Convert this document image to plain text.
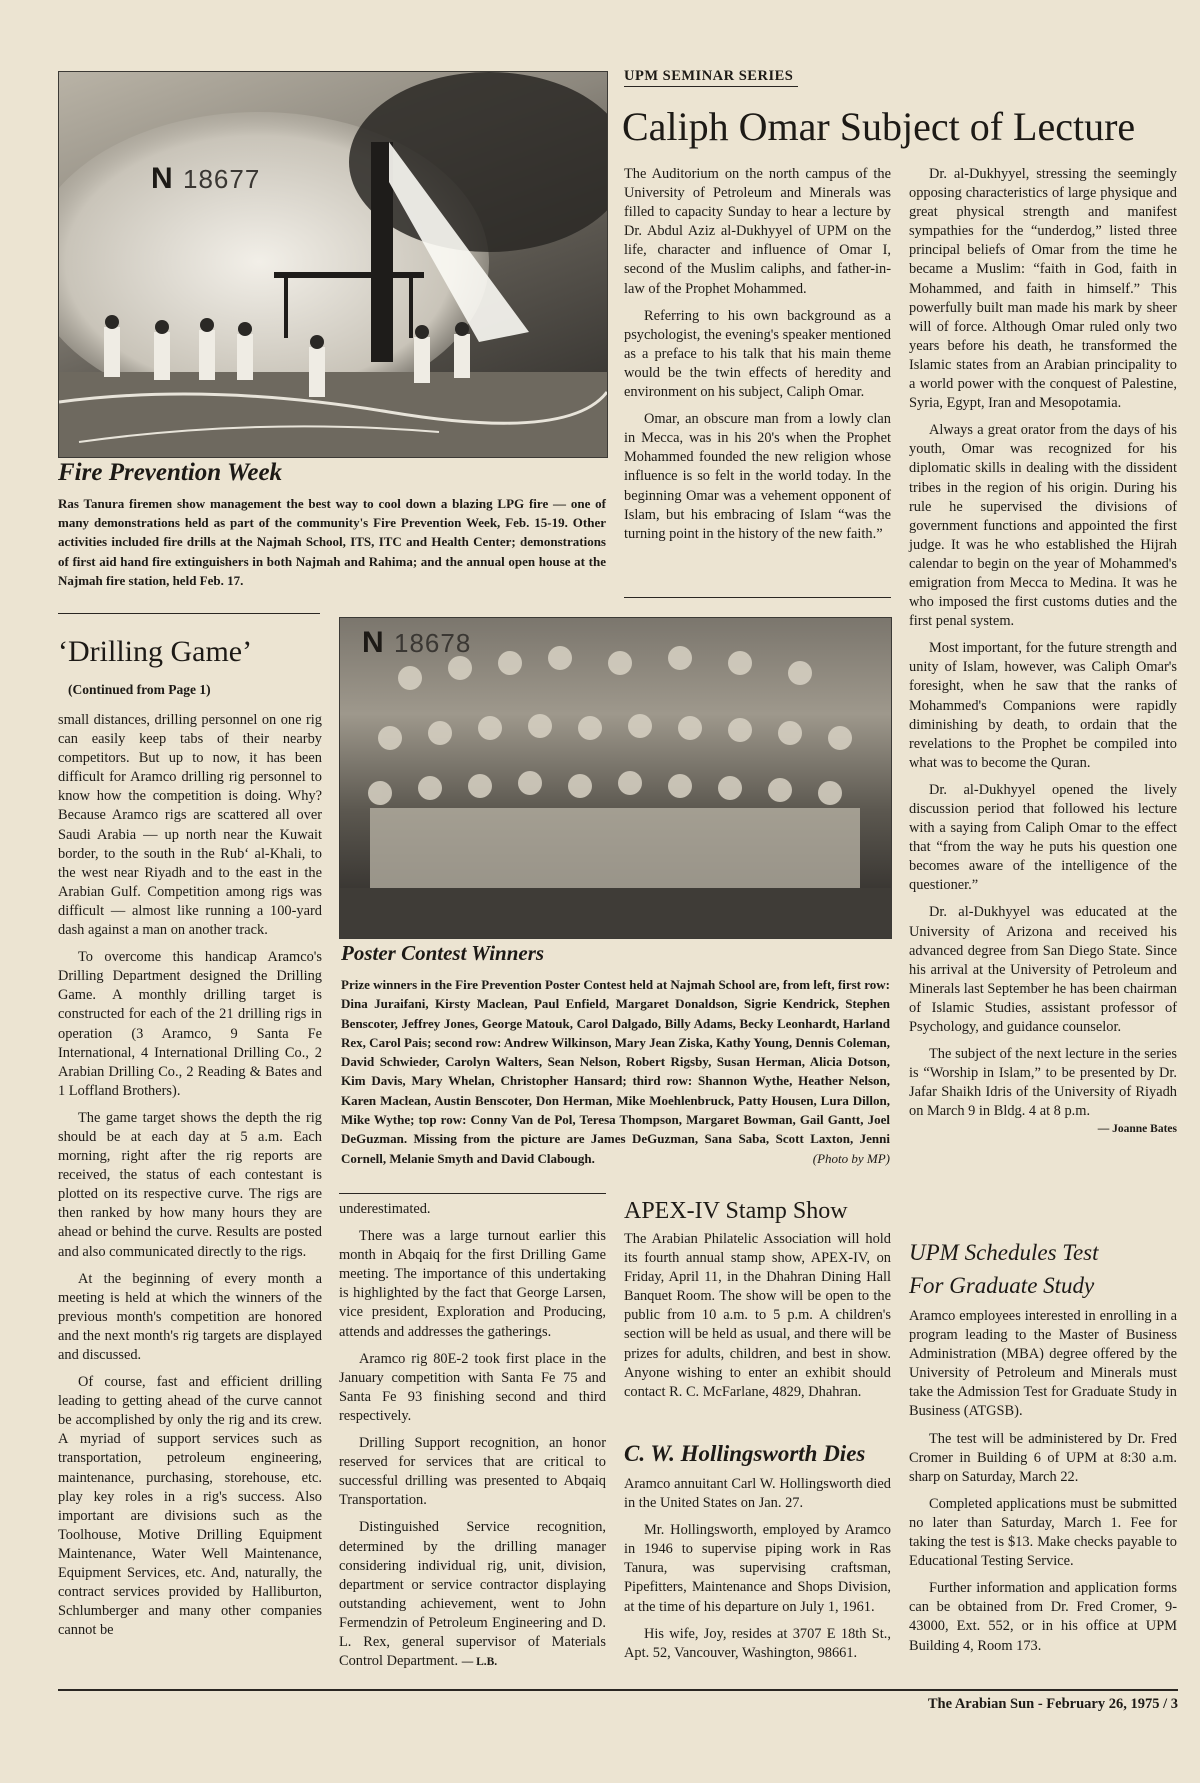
N 18677
Fire Prevention Week
Ras Tanura firemen show management the best way to cool down a blazing LPG fire — one of many demonstrations held as part of the community's Fire Prevention Week, Feb. 15-19. Other activities included fire drills at the Najmah School, ITS, ITC and Health Center; demonstrations of first aid hand fire extinguishers in both Najmah and Rahima; and the annual open house at the Najmah fire station, held Feb. 17.
UPM SEMINAR SERIES
Caliph Omar Subject of Lecture

The Auditorium on the north campus of the University of Petroleum and Minerals was filled to capacity Sunday to hear a lecture by Dr. Abdul Aziz al-Dukhyyel of UPM on the life, character and influence of Omar I, second of the Muslim caliphs, and father-in-law of the Prophet Mohammed.

Referring to his own background as a psychologist, the evening's speaker mentioned as a preface to his talk that his main theme would be the twin effects of heredity and environment on his subject, Caliph Omar.

Omar, an obscure man from a lowly clan in Mecca, was in his 20's when the Prophet Mohammed founded the new religion whose influence is so felt in the world today. In the beginning Omar was a vehement opponent of Islam, but his embracing of Islam “was the turning point in the history of the new faith.”

Dr. al-Dukhyyel, stressing the seemingly opposing characteristics of large physique and great physical strength and manifest sympathies for the “underdog,” listed three principal beliefs of Omar from the time he became a Muslim: “faith in God, faith in Mohammed, and faith in himself.” This powerfully built man made his mark by sheer will of force. Although Omar ruled only two years before his death, he transformed the Islamic states from an Arabian principality to a world power with the conquest of Palestine, Syria, Egypt, Iran and Mesopotamia.

Always a great orator from the days of his youth, Omar was recognized for his diplomatic skills in dealing with the dissident tribes in the region of his origin. During his rule he supervised the divisions of government functions and appointed the first judge. It was he who established the Hijrah calendar to begin on the year of Mohammed's emigration from Mecca to Medina. It was he who imposed the first customs duties and the first penal system.

Most important, for the future strength and unity of Islam, however, was Caliph Omar's foresight, when he saw that the ranks of Mohammed's Companions were rapidly diminishing by death, to ordain that the revelations to the Prophet be compiled into what was to become the Quran.

Dr. al-Dukhyyel opened the lively discussion period that followed his lecture with a saying from Caliph Omar to the effect that “from the way he puts his question one becomes aware of the intelligence of the questioner.”

Dr. al-Dukhyyel was educated at the University of Arizona and received his advanced degree from San Diego State. Since his arrival at the University of Petroleum and Minerals last September he has been chairman of Islamic Studies, assistant professor of Psychology, and guidance counselor.

The subject of the next lecture in the series is “Worship in Islam,” to be presented by Dr. Jafar Shaikh Idris of the University of Riyadh on March 9 in Bldg. 4 at 8 p.m.

— Joanne Bates
‘Drilling Game’
(Continued from Page 1)

small distances, drilling personnel on one rig can easily keep tabs of their nearby competitors. But up to now, it has been difficult for Aramco drilling rig personnel to know how the competition is doing. Why? Because Aramco rigs are scattered all over Saudi Arabia — up north near the Kuwait border, to the south in the Rub‘ al-Khali, to the west near Riyadh and to the east in the Arabian Gulf. Competition among rigs was difficult — almost like running a 100-yard dash against a man on another track.

To overcome this handicap Aramco's Drilling Department designed the Drilling Game. A monthly drilling target is constructed for each of the 21 drilling rigs in operation (3 Aramco, 9 Santa Fe International, 4 International Drilling Co., 2 Arabian Drilling Co., 2 Reading & Bates and 1 Loffland Brothers).

The game target shows the depth the rig should be at each day at 5 a.m. Each morning, right after the rig reports are received, the status of each contestant is plotted on its respective curve. The rigs are then ranked by how many hours they are ahead or behind the curve. Results are posted and also communicated directly to the rigs.

At the beginning of every month a meeting is held at which the winners of the previous month's competition are honored and the next month's rig targets are displayed and discussed.

Of course, fast and efficient drilling leading to getting ahead of the curve cannot be accomplished by only the rig and its crew. A myriad of support services such as transportation, petroleum engineering, maintenance, purchasing, storehouse, etc. play key roles in a rig's success. Also important are divisions such as the Toolhouse, Motive Drilling Equipment Maintenance, Water Well Maintenance, Equipment Services, etc. And, naturally, the contract services provided by Halliburton, Schlumberger and many other companies cannot be

N 18678
Poster Contest Winners
Prize winners in the Fire Prevention Poster Contest held at Najmah School are, from left, first row: Dina Juraifani, Kirsty Maclean, Paul Enfield, Margaret Donaldson, Sigrie Kendrick, Stephen Benscoter, Jeffrey Jones, George Matouk, Carol Dalgado, Billy Adams, Becky Leonhardt, Harland Rex, Carol Pais; second row: Andrew Wilkinson, Mary Jean Ziska, Kathy Young, Dennis Coleman, David Schwieder, Carolyn Walters, Sean Nelson, Robert Rigsby, Susan Herman, Alicia Dotson, Kim Davis, Mary Whelan, Christopher Hansard; third row: Shannon Wythe, Heather Nelson, Karen Maclean, Austin Benscoter, Don Herman, Mike Moehlenbruck, Patty Housen, Lura Dillon, Mike Wythe; top row: Conny Van de Pol, Teresa Thompson, Margaret Bowman, Gail Gantt, Joel DeGuzman. Missing from the picture are James DeGuzman, Sana Saba, Scott Laxton, Jenni Cornell, Melanie Smyth and David Clabough.	(Photo by MP)

underestimated.

There was a large turnout earlier this month in Abqaiq for the first Drilling Game meeting. The importance of this undertaking is highlighted by the fact that George Larsen, vice president, Exploration and Producing, attends and addresses the gatherings.

Aramco rig 80E-2 took first place in the January competition with Santa Fe 75 and Santa Fe 93 finishing second and third respectively.

Drilling Support recognition, an honor reserved for services that are critical to successful drilling was presented to Abqaiq Transportation.

Distinguished Service recognition, determined by the drilling manager considering individual rig, unit, division, department or service contractor displaying outstanding achievement, went to John Fermendzin of Petroleum Engineering and D. L. Rex, general supervisor of Materials Control Department. — L.B.

APEX-IV Stamp Show
The Arabian Philatelic Association will hold its fourth annual stamp show, APEX-IV, on Friday, April 11, in the Dhahran Dining Hall Banquet Room. The show will be open to the public from 10 a.m. to 5 p.m. A children's section will be held as usual, and there will be prizes for adults, children, and best in show. Anyone wishing to enter an exhibit should contact R. C. McFarlane, 4829, Dhahran.
C. W. Hollingsworth Dies

Aramco annuitant Carl W. Hollingsworth died in the United States on Jan. 27.

Mr. Hollingsworth, employed by Aramco in 1946 to supervise piping work in Ras Tanura, was supervising craftsman, Pipefitters, Maintenance and Shops Division, at the time of his departure on July 1, 1961.

His wife, Joy, resides at 3707 E 18th St., Apt. 52, Vancouver, Washington, 98661.

UPM Schedules Test
For Graduate Study

Aramco employees interested in enrolling in a program leading to the Master of Business Administration (MBA) degree offered by the University of Petroleum and Minerals must take the Admission Test for Graduate Study in Business (ATGSB).

The test will be administered by Dr. Fred Cromer in Building 6 of UPM at 8:30 a.m. sharp on Saturday, March 22.

Completed applications must be submitted no later than Saturday, March 1. Fee for taking the test is $13. Make checks payable to Educational Testing Service.

Further information and application forms can be obtained from Dr. Fred Cromer, 9-43000, Ext. 552, or in his office at UPM Building 4, Room 173.

The Arabian Sun - February 26, 1975 / 3
